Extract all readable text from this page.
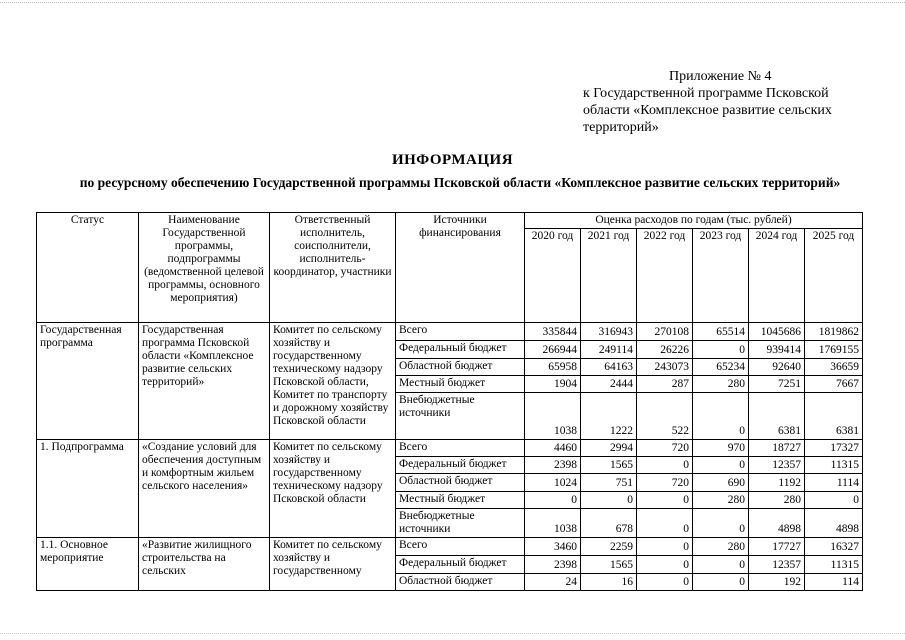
Приложение № 4
к Государственной программе Псковской
области «Комплексное развитие сельских
территорий»
ИНФОРМАЦИЯ
по ресурсному обеспечению Государственной программы Псковской области «Комплексное развитие сельских территорий»
Статус	Наименование Государственной программы, подпрограммы (ведомственной целевой программы, основного мероприятия)	Ответственный исполнитель, соисполнители, исполнитель-координатор, участники	Источники финансирования	Оценка расходов по годам (тыс. рублей)					
				2020 год	2021 год	2022 год	2023 год	2024 год	2025 год
Государственная программа	Государственная программа Псковской области «Комплексное развитие сельских территорий»	Комитет по сельскому хозяйству и государственному техническому надзору Псковской области, Комитет по транспорту и дорожному хозяйству Псковской области	Всего	335844	316943	270108	65514	1045686	1819862
			Федеральный бюджет	266944	249114	26226	0	939414	1769155
			Областной бюджет	65958	64163	243073	65234	92640	36659
			Местный бюджет	1904	2444	287	280	7251	7667
			Внебюджетные источники	1038	1222	522	0	6381	6381
1. Подпрограмма	«Создание условий для обеспечения доступным и комфортным жильем сельского населения»	Комитет по сельскому хозяйству и государственному техническому надзору Псковской области	Всего	4460	2994	720	970	18727	17327
			Федеральный бюджет	2398	1565	0	0	12357	11315
			Областной бюджет	1024	751	720	690	1192	1114
			Местный бюджет	0	0	0	280	280	0
			Внебюджетные источники	1038	678	0	0	4898	4898
1.1. Основное мероприятие	«Развитие жилищного строительства на сельских	Комитет по сельскому хозяйству и государственному	Всего	3460	2259	0	280	17727	16327
			Федеральный бюджет	2398	1565	0	0	12357	11315
			Областной бюджет	24	16	0	0	192	114
